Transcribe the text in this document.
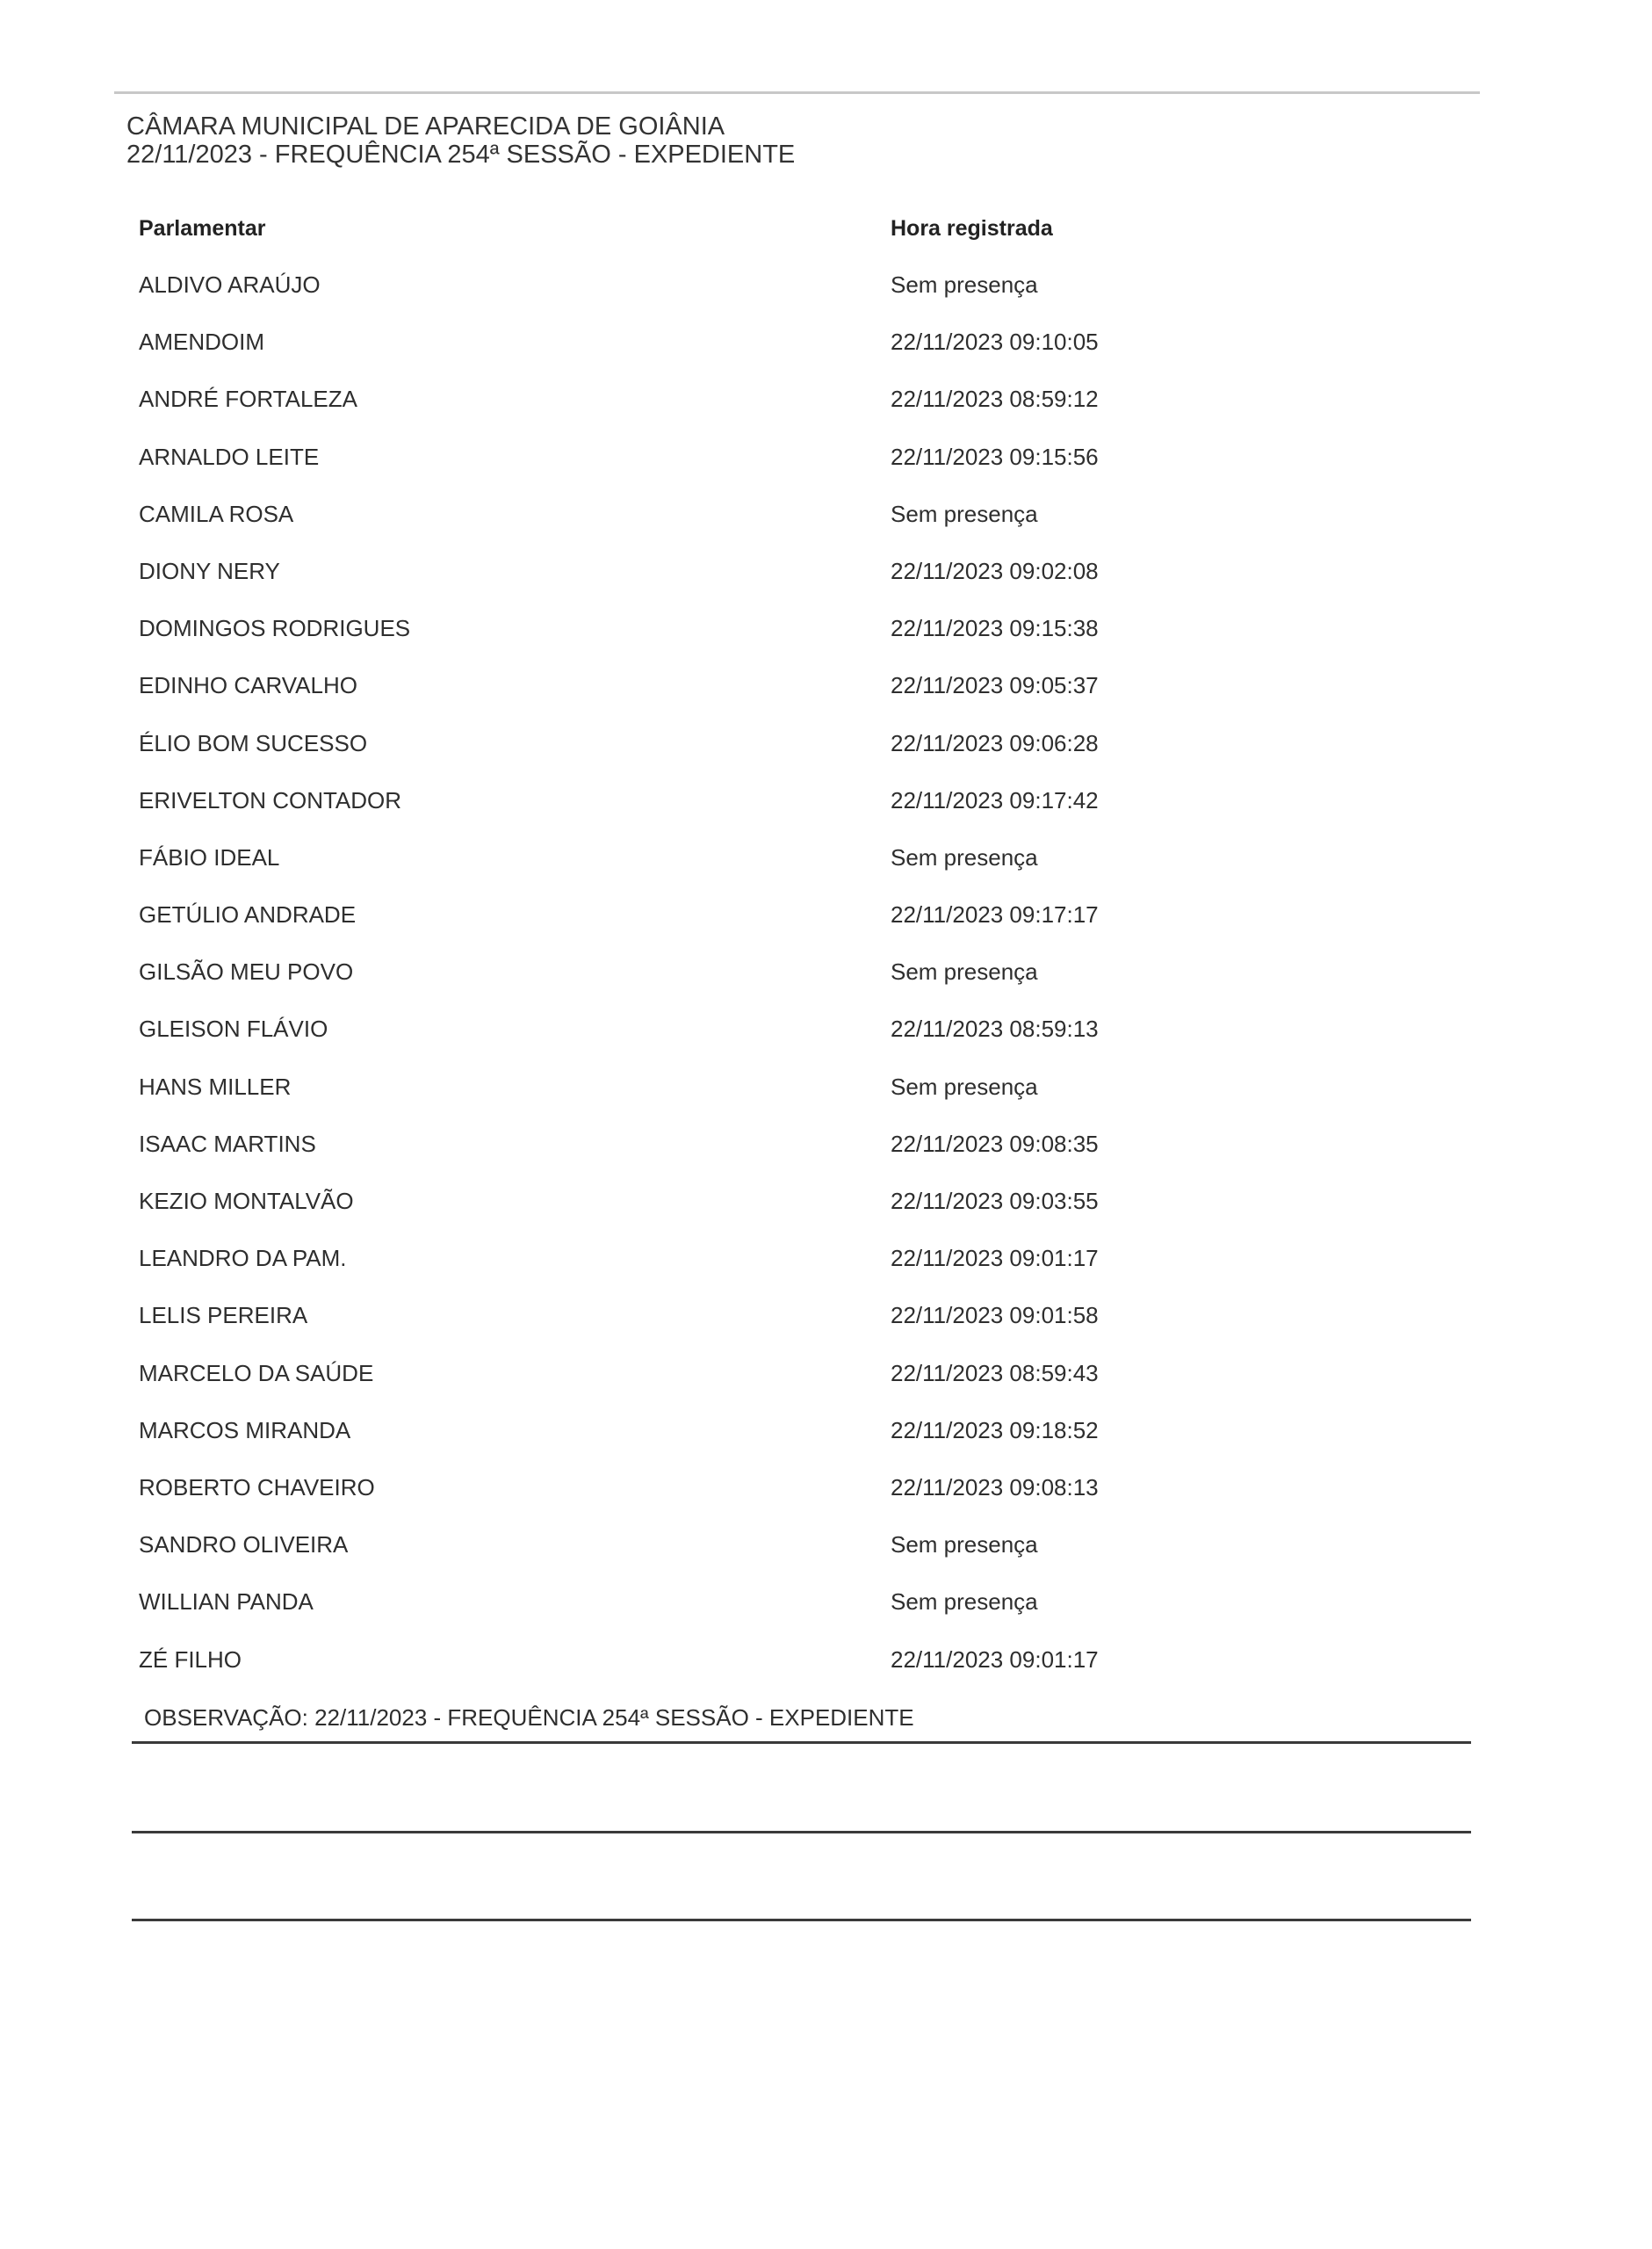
CÂMARA MUNICIPAL DE APARECIDA DE GOIÂNIA
22/11/2023 - FREQUÊNCIA 254ª SESSÃO - EXPEDIENTE
Parlamentar	Hora registrada
ALDIVO ARAÚJO	Sem presença
AMENDOIM	22/11/2023 09:10:05
ANDRÉ FORTALEZA	22/11/2023 08:59:12
ARNALDO LEITE	22/11/2023 09:15:56
CAMILA ROSA	Sem presença
DIONY NERY	22/11/2023 09:02:08
DOMINGOS RODRIGUES	22/11/2023 09:15:38
EDINHO CARVALHO	22/11/2023 09:05:37
ÉLIO BOM SUCESSO	22/11/2023 09:06:28
ERIVELTON CONTADOR	22/11/2023 09:17:42
FÁBIO IDEAL	Sem presença
GETÚLIO ANDRADE	22/11/2023 09:17:17
GILSÃO MEU POVO	Sem presença
GLEISON FLÁVIO	22/11/2023 08:59:13
HANS MILLER	Sem presença
ISAAC MARTINS	22/11/2023 09:08:35
KEZIO MONTALVÃO	22/11/2023 09:03:55
LEANDRO DA PAM.	22/11/2023 09:01:17
LELIS PEREIRA	22/11/2023 09:01:58
MARCELO DA SAÚDE	22/11/2023 08:59:43
MARCOS MIRANDA	22/11/2023 09:18:52
ROBERTO CHAVEIRO	22/11/2023 09:08:13
SANDRO OLIVEIRA	Sem presença
WILLIAN PANDA	Sem presença
ZÉ FILHO	22/11/2023 09:01:17
OBSERVAÇÃO: 22/11/2023 - FREQUÊNCIA 254ª SESSÃO - EXPEDIENTE
